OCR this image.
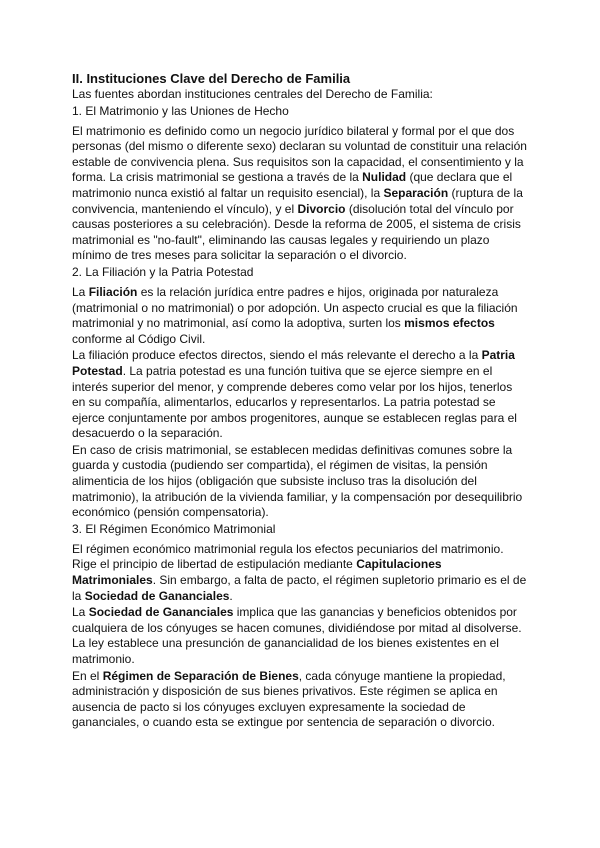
II. Instituciones Clave del Derecho de Familia

Las fuentes abordan instituciones centrales del Derecho de Familia:

1. El Matrimonio y las Uniones de Hecho

El matrimonio es definido como un negocio jurídico bilateral y formal por el que dos personas (del mismo o diferente sexo) declaran su voluntad de constituir una relación estable de convivencia plena. Sus requisitos son la capacidad, el consentimiento y la forma. La crisis matrimonial se gestiona a través de la Nulidad (que declara que el matrimonio nunca existió al faltar un requisito esencial), la Separación (ruptura de la convivencia, manteniendo el vínculo), y el Divorcio (disolución total del vínculo por causas posteriores a su celebración). Desde la reforma de 2005, el sistema de crisis matrimonial es "no-fault", eliminando las causas legales y requiriendo un plazo mínimo de tres meses para solicitar la separación o el divorcio.

2. La Filiación y la Patria Potestad

La Filiación es la relación jurídica entre padres e hijos, originada por naturaleza (matrimonial o no matrimonial) o por adopción. Un aspecto crucial es que la filiación matrimonial y no matrimonial, así como la adoptiva, surten los mismos efectos conforme al Código Civil.

La filiación produce efectos directos, siendo el más relevante el derecho a la Patria Potestad. La patria potestad es una función tuitiva que se ejerce siempre en el interés superior del menor, y comprende deberes como velar por los hijos, tenerlos en su compañía, alimentarlos, educarlos y representarlos. La patria potestad se ejerce conjuntamente por ambos progenitores, aunque se establecen reglas para el desacuerdo o la separación.

En caso de crisis matrimonial, se establecen medidas definitivas comunes sobre la guarda y custodia (pudiendo ser compartida), el régimen de visitas, la pensión alimenticia de los hijos (obligación que subsiste incluso tras la disolución del matrimonio), la atribución de la vivienda familiar, y la compensación por desequilibrio económico (pensión compensatoria).

3. El Régimen Económico Matrimonial

El régimen económico matrimonial regula los efectos pecuniarios del matrimonio. Rige el principio de libertad de estipulación mediante Capitulaciones Matrimoniales. Sin embargo, a falta de pacto, el régimen supletorio primario es el de la Sociedad de Gananciales.

La Sociedad de Gananciales implica que las ganancias y beneficios obtenidos por cualquiera de los cónyuges se hacen comunes, dividiéndose por mitad al disolverse. La ley establece una presunción de ganancialidad de los bienes existentes en el matrimonio.

En el Régimen de Separación de Bienes, cada cónyuge mantiene la propiedad, administración y disposición de sus bienes privativos. Este régimen se aplica en ausencia de pacto si los cónyuges excluyen expresamente la sociedad de gananciales, o cuando esta se extingue por sentencia de separación o divorcio.
